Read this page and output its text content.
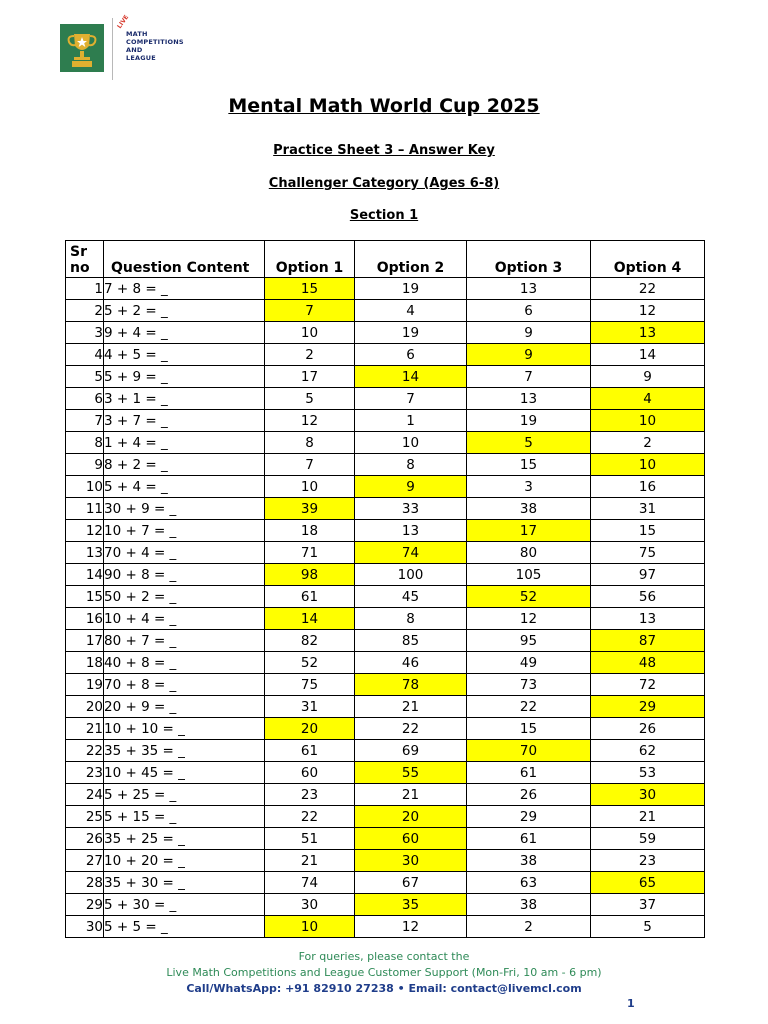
LIVE
MATH
COMPETITIONS
AND
LEAGUE
Mental Math World Cup 2025
Practice Sheet 3 – Answer Key
Challenger Category (Ages 6-8)
Section 1
Sr no	Question Content	Option 1	Option 2	Option 3	Option 4
1	7 + 8 = _	15	19	13	22
2	5 + 2 = _	7	4	6	12
3	9 + 4 = _	10	19	9	13
4	4 + 5 = _	2	6	9	14
5	5 + 9 = _	17	14	7	9
6	3 + 1 = _	5	7	13	4
7	3 + 7 = _	12	1	19	10
8	1 + 4 = _	8	10	5	2
9	8 + 2 = _	7	8	15	10
10	5 + 4 = _	10	9	3	16
11	30 + 9 = _	39	33	38	31
12	10 + 7 = _	18	13	17	15
13	70 + 4 = _	71	74	80	75
14	90 + 8 = _	98	100	105	97
15	50 + 2 = _	61	45	52	56
16	10 + 4 = _	14	8	12	13
17	80 + 7 = _	82	85	95	87
18	40 + 8 = _	52	46	49	48
19	70 + 8 = _	75	78	73	72
20	20 + 9 = _	31	21	22	29
21	10 + 10 = _	20	22	15	26
22	35 + 35 = _	61	69	70	62
23	10 + 45 = _	60	55	61	53
24	5 + 25 = _	23	21	26	30
25	5 + 15 = _	22	20	29	21
26	35 + 25 = _	51	60	61	59
27	10 + 20 = _	21	30	38	23
28	35 + 30 = _	74	67	63	65
29	5 + 30 = _	30	35	38	37
30	5 + 5 = _	10	12	2	5
For queries, please contact the
Live Math Competitions and League Customer Support (Mon-Fri, 10 am - 6 pm)
Call/WhatsApp: +91 82910 27238 • Email: contact@livemcl.com
1
